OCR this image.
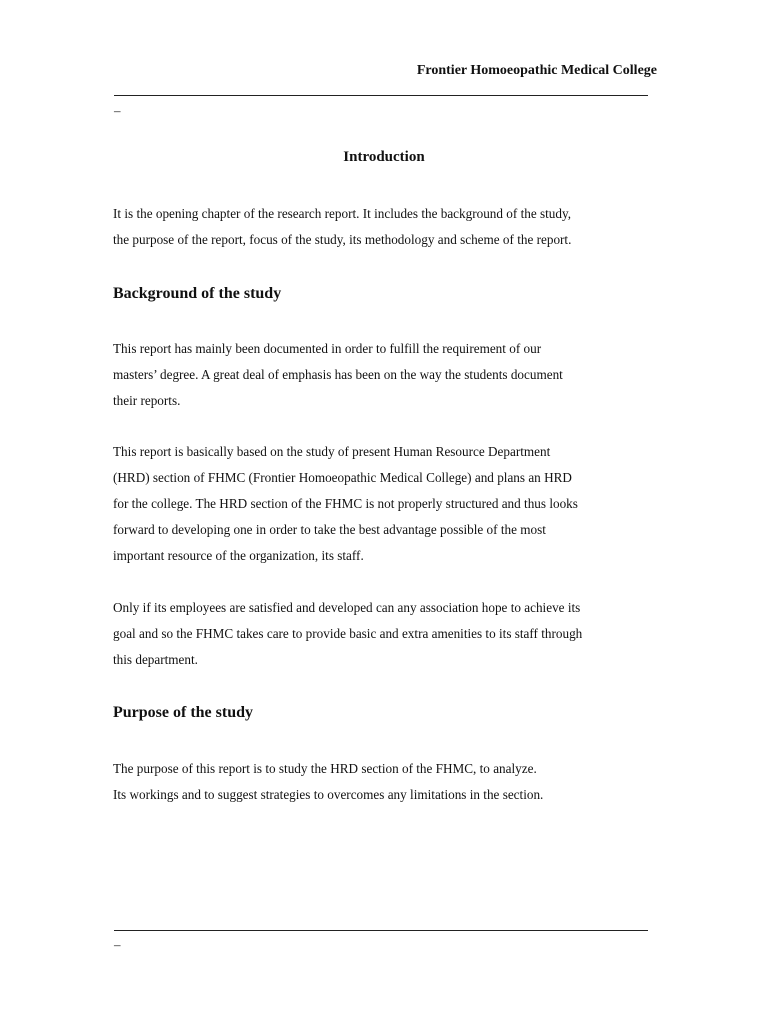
Frontier Homoeopathic Medical College
–
Introduction

It is the opening chapter of the research report. It includes the background of the study,
the purpose of the report, focus of the study, its methodology and scheme of the report.

Background of the study

This report has mainly been documented in order to fulfill the requirement of our
masters’ degree. A great deal of emphasis has been on the way the students document
their reports.

This report is basically based on the study of present Human Resource Department
(HRD) section of FHMC (Frontier Homoeopathic Medical College) and plans an HRD
for the college. The HRD section of the FHMC is not properly structured and thus looks
forward to developing one in order to take the best advantage possible of the most
important resource of the organization, its staff.

Only if its employees are satisfied and developed can any association hope to achieve its
goal and so the FHMC takes care to provide basic and extra amenities to its staff through
this department.

Purpose of the study

The purpose of this report is to study the HRD section of the FHMC, to analyze.
Its workings and to suggest strategies to overcomes any limitations in the section.

–
